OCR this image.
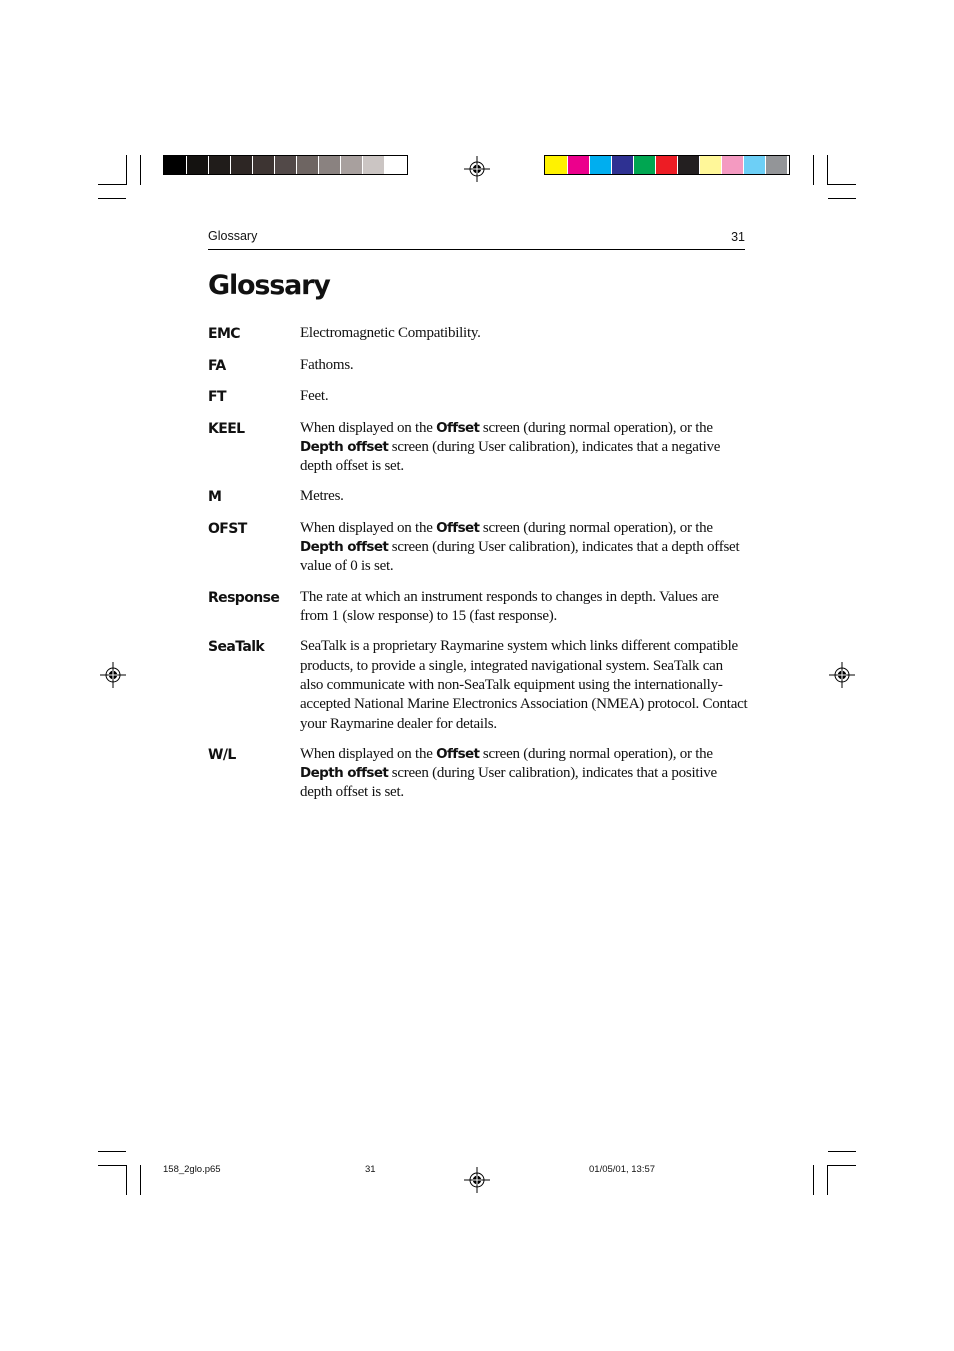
Glossary	31
Glossary
EMC	Electromagnetic Compatibility.
FA	Fathoms.
FT	Feet.
KEEL	When displayed on the Offset screen (during normal operation), or the Depth offset screen (during User calibration), indicates that a negative depth offset is set.
M	Metres.
OFST	When displayed on the Offset screen (during normal operation), or the Depth offset screen (during User calibration), indicates that a depth offset value of 0 is set.
Response	The rate at which an instrument responds to changes in depth. Values are from 1 (slow response) to 15 (fast response).
SeaTalk	SeaTalk is a proprietary Raymarine system which links different compatible products, to provide a single, integrated navigational system. SeaTalk can also communicate with non-SeaTalk equipment using the internationally- accepted National Marine Electronics Association (NMEA) protocol. Contact your Raymarine dealer for details.
W/L	When displayed on the Offset screen (during normal operation), or the Depth offset screen (during User calibration), indicates that a positive depth offset is set.
158_2glo.p65	31	01/05/01, 13:57
